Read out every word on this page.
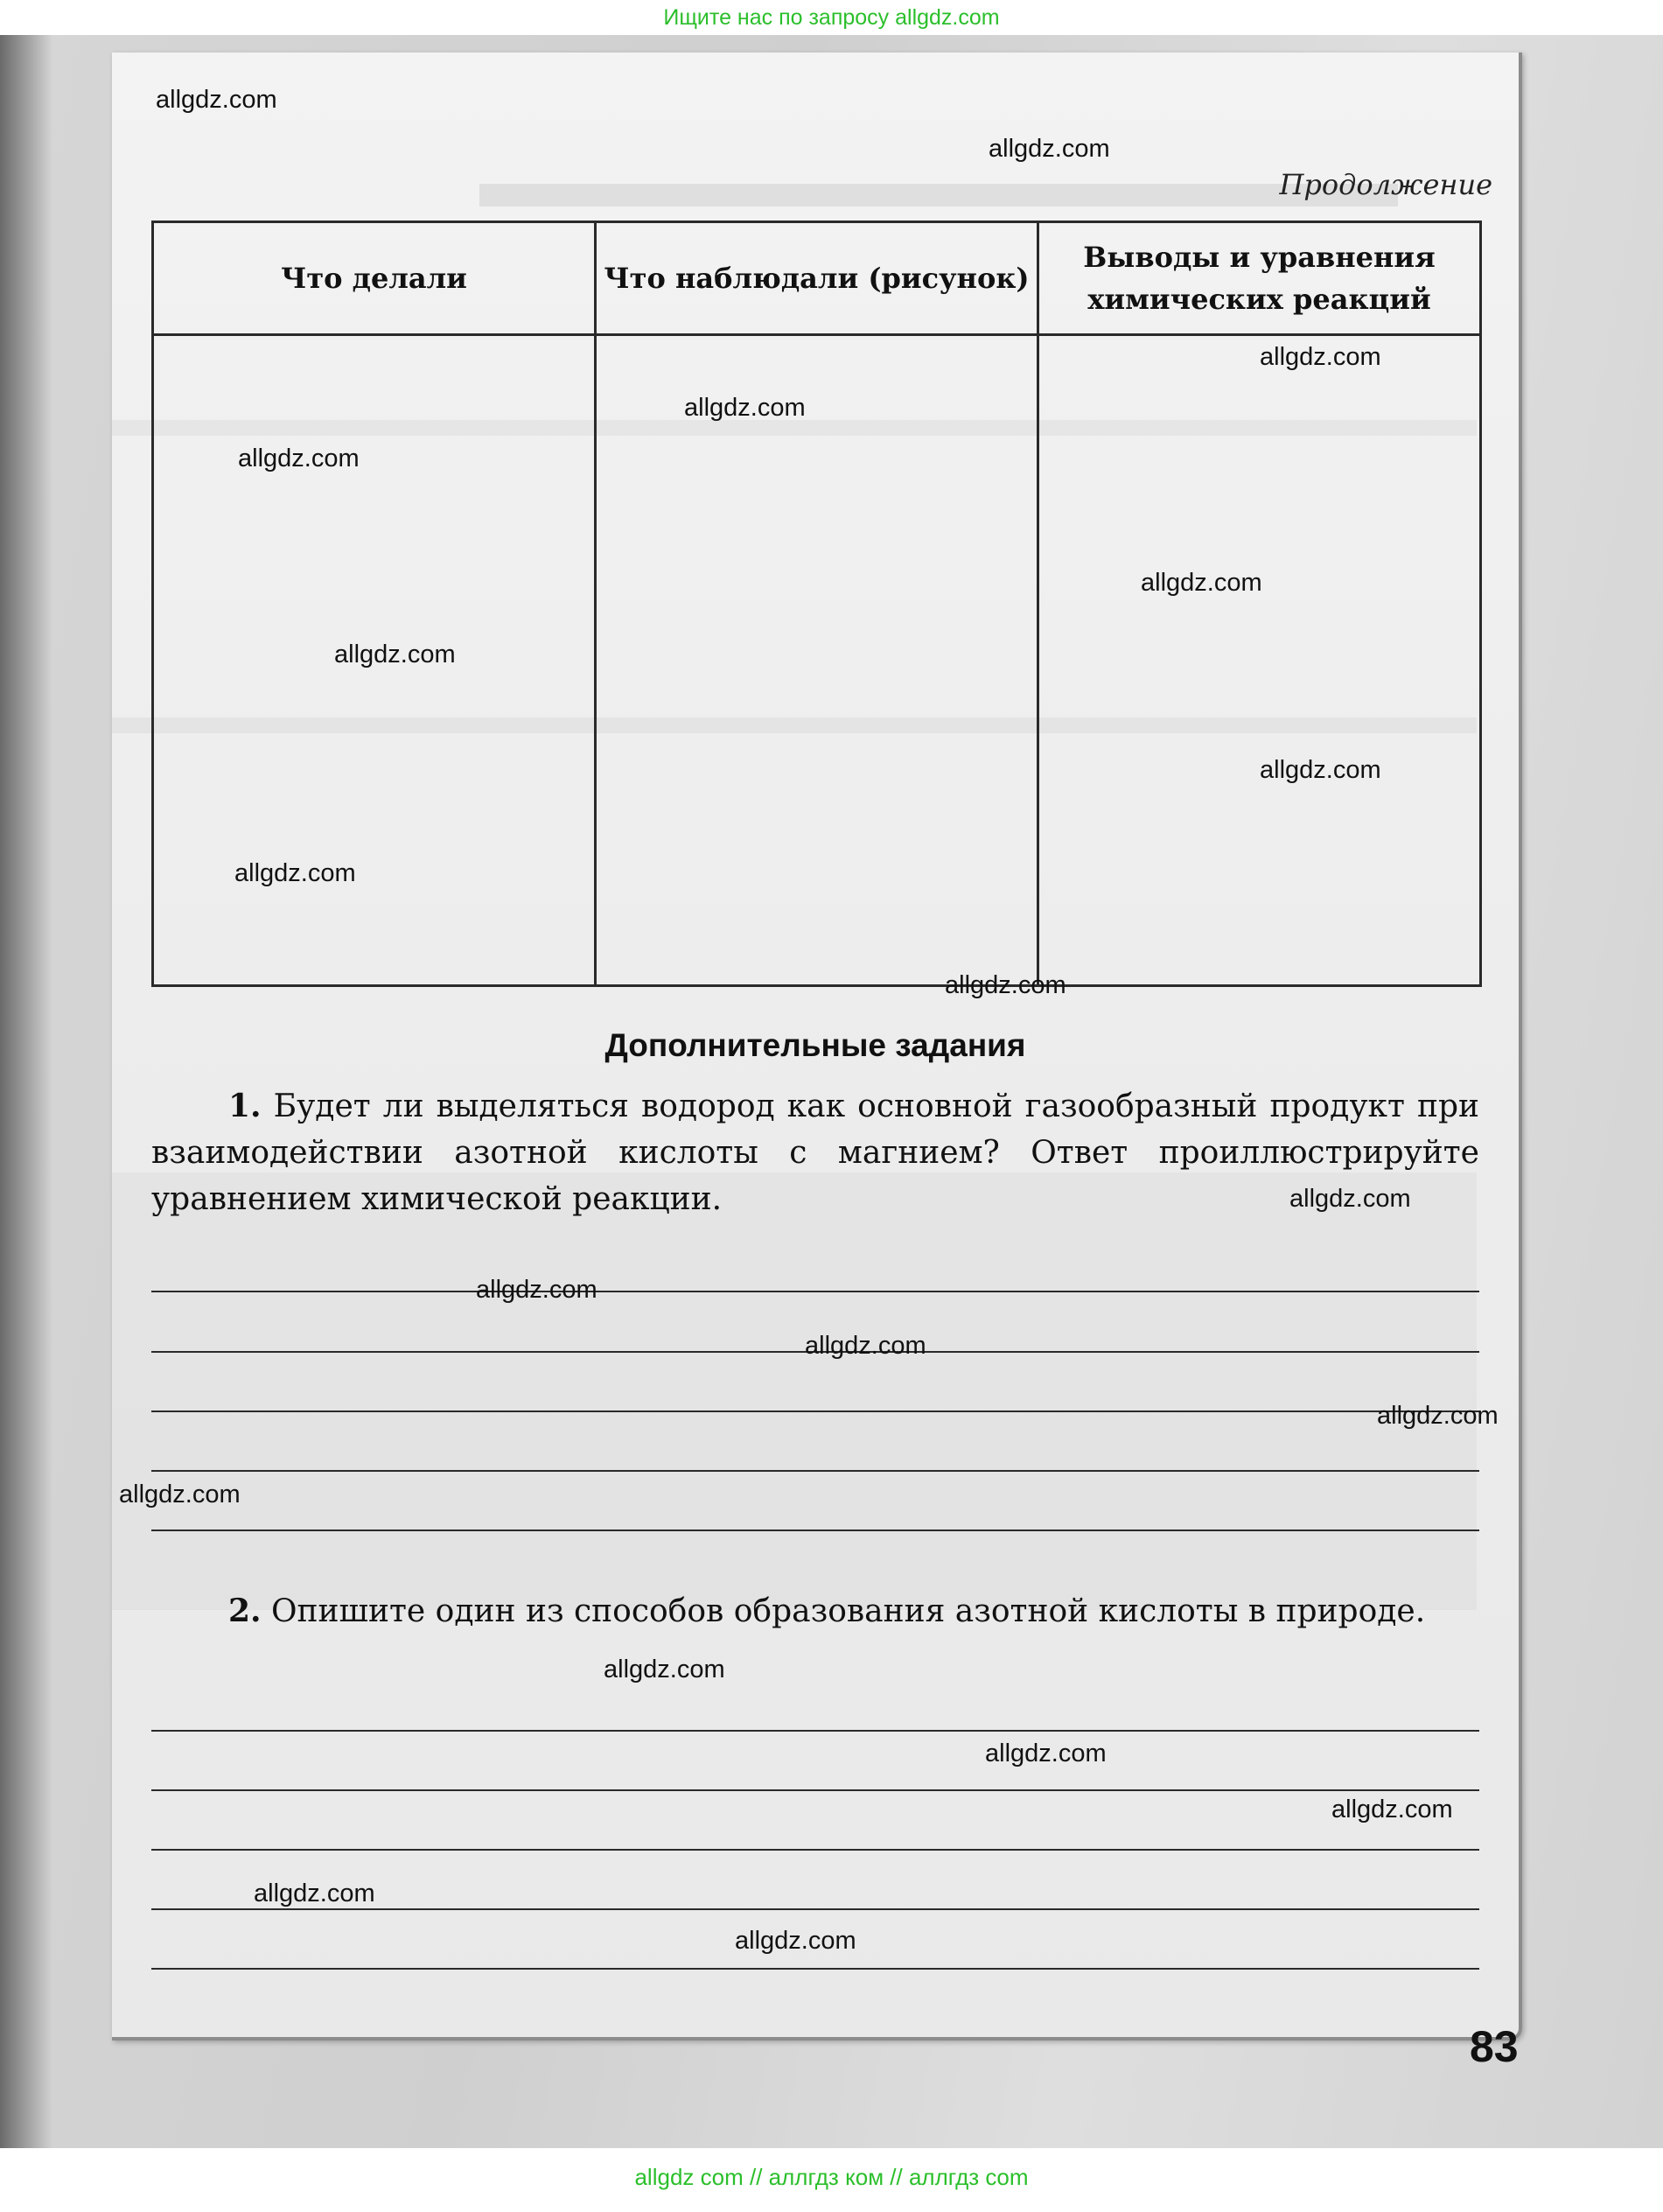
Ищите нас по запросу allgdz.com
Продолжение
Что делали	Что наблюдали (рисунок)	Выводы и уравнения химических реакций

Дополнительные задания
1. Будет ли выделяться водород как основной газообразный продукт при взаимодействии азотной кислоты с магнием? Ответ проиллюстрируйте уравнением химической реакции.
2. Опишите один из способов образования азотной кислоты в природе.
83
allgdz.com
allgdz.com
allgdz.com
allgdz.com
allgdz.com
allgdz.com
allgdz.com
allgdz.com
allgdz.com
allgdz.com
allgdz.com
allgdz.com
allgdz.com
allgdz.com
allgdz.com
allgdz.com
allgdz.com
allgdz.com
allgdz.com
allgdz.com
allgdz com // аллгдз ком // аллгдз com
